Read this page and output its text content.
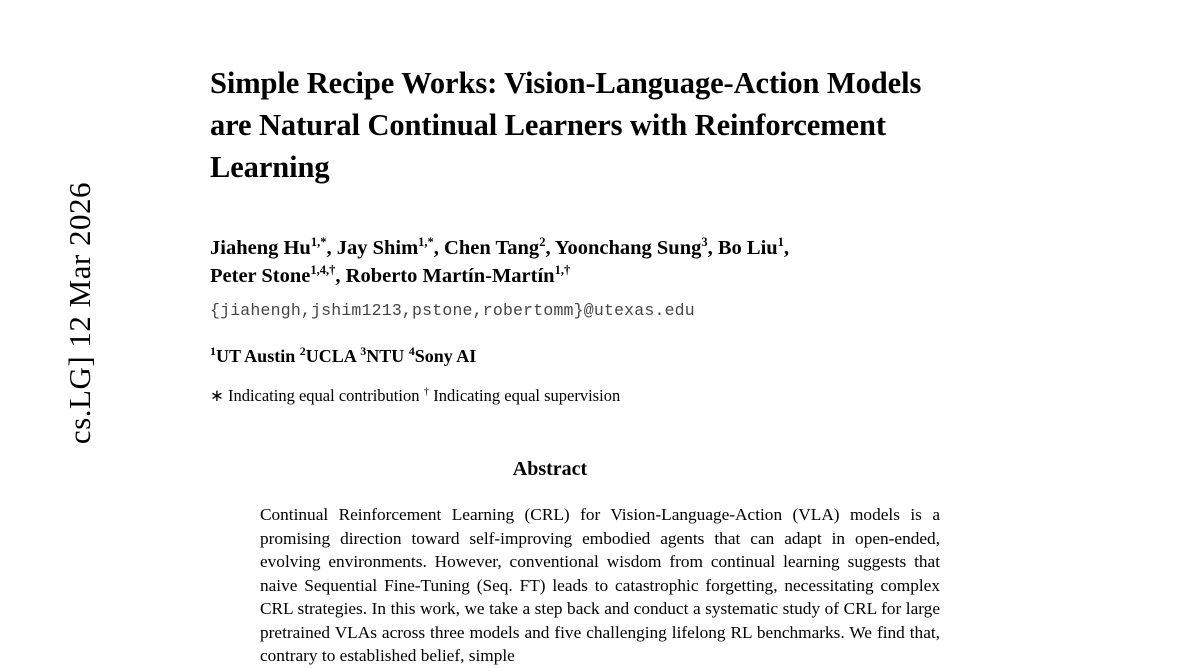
cs.LG] 12 Mar 2026
Simple Recipe Works: Vision-Language-Action Models are Natural Continual Learners with Reinforcement Learning
Jiaheng $Hu^{1,*}$, Jay Shim$^{1,*}$, Chen Tang$^2$, Yoonchang Sung$^3$, Bo Liu$^1$,
Peter Stone$^{1,4,\dagger}$, Roberto Martín-Martín$^{1,\dagger}$
{jiahengh,jshim1213,pstone,robertomm}@utexas.edu
$^1$UT Austin $^2$UCLA $^3$NTU $^4$Sony AI
∗ Indicating equal contribution † Indicating equal supervision
Abstract

Continual Reinforcement Learning (CRL) for Vision-Language-Action (VLA) models is a promising direction toward self-improving embodied agents that can adapt in open-ended, evolving environments. However, conventional wisdom from continual learning suggests that naive Sequential Fine-Tuning (Seq. FT) leads to catastrophic forgetting, necessitating complex CRL strategies. In this work, we take a step back and conduct a systematic study of CRL for large pretrained VLAs across three models and five challenging lifelong RL benchmarks. We find that, contrary to established belief, simple
